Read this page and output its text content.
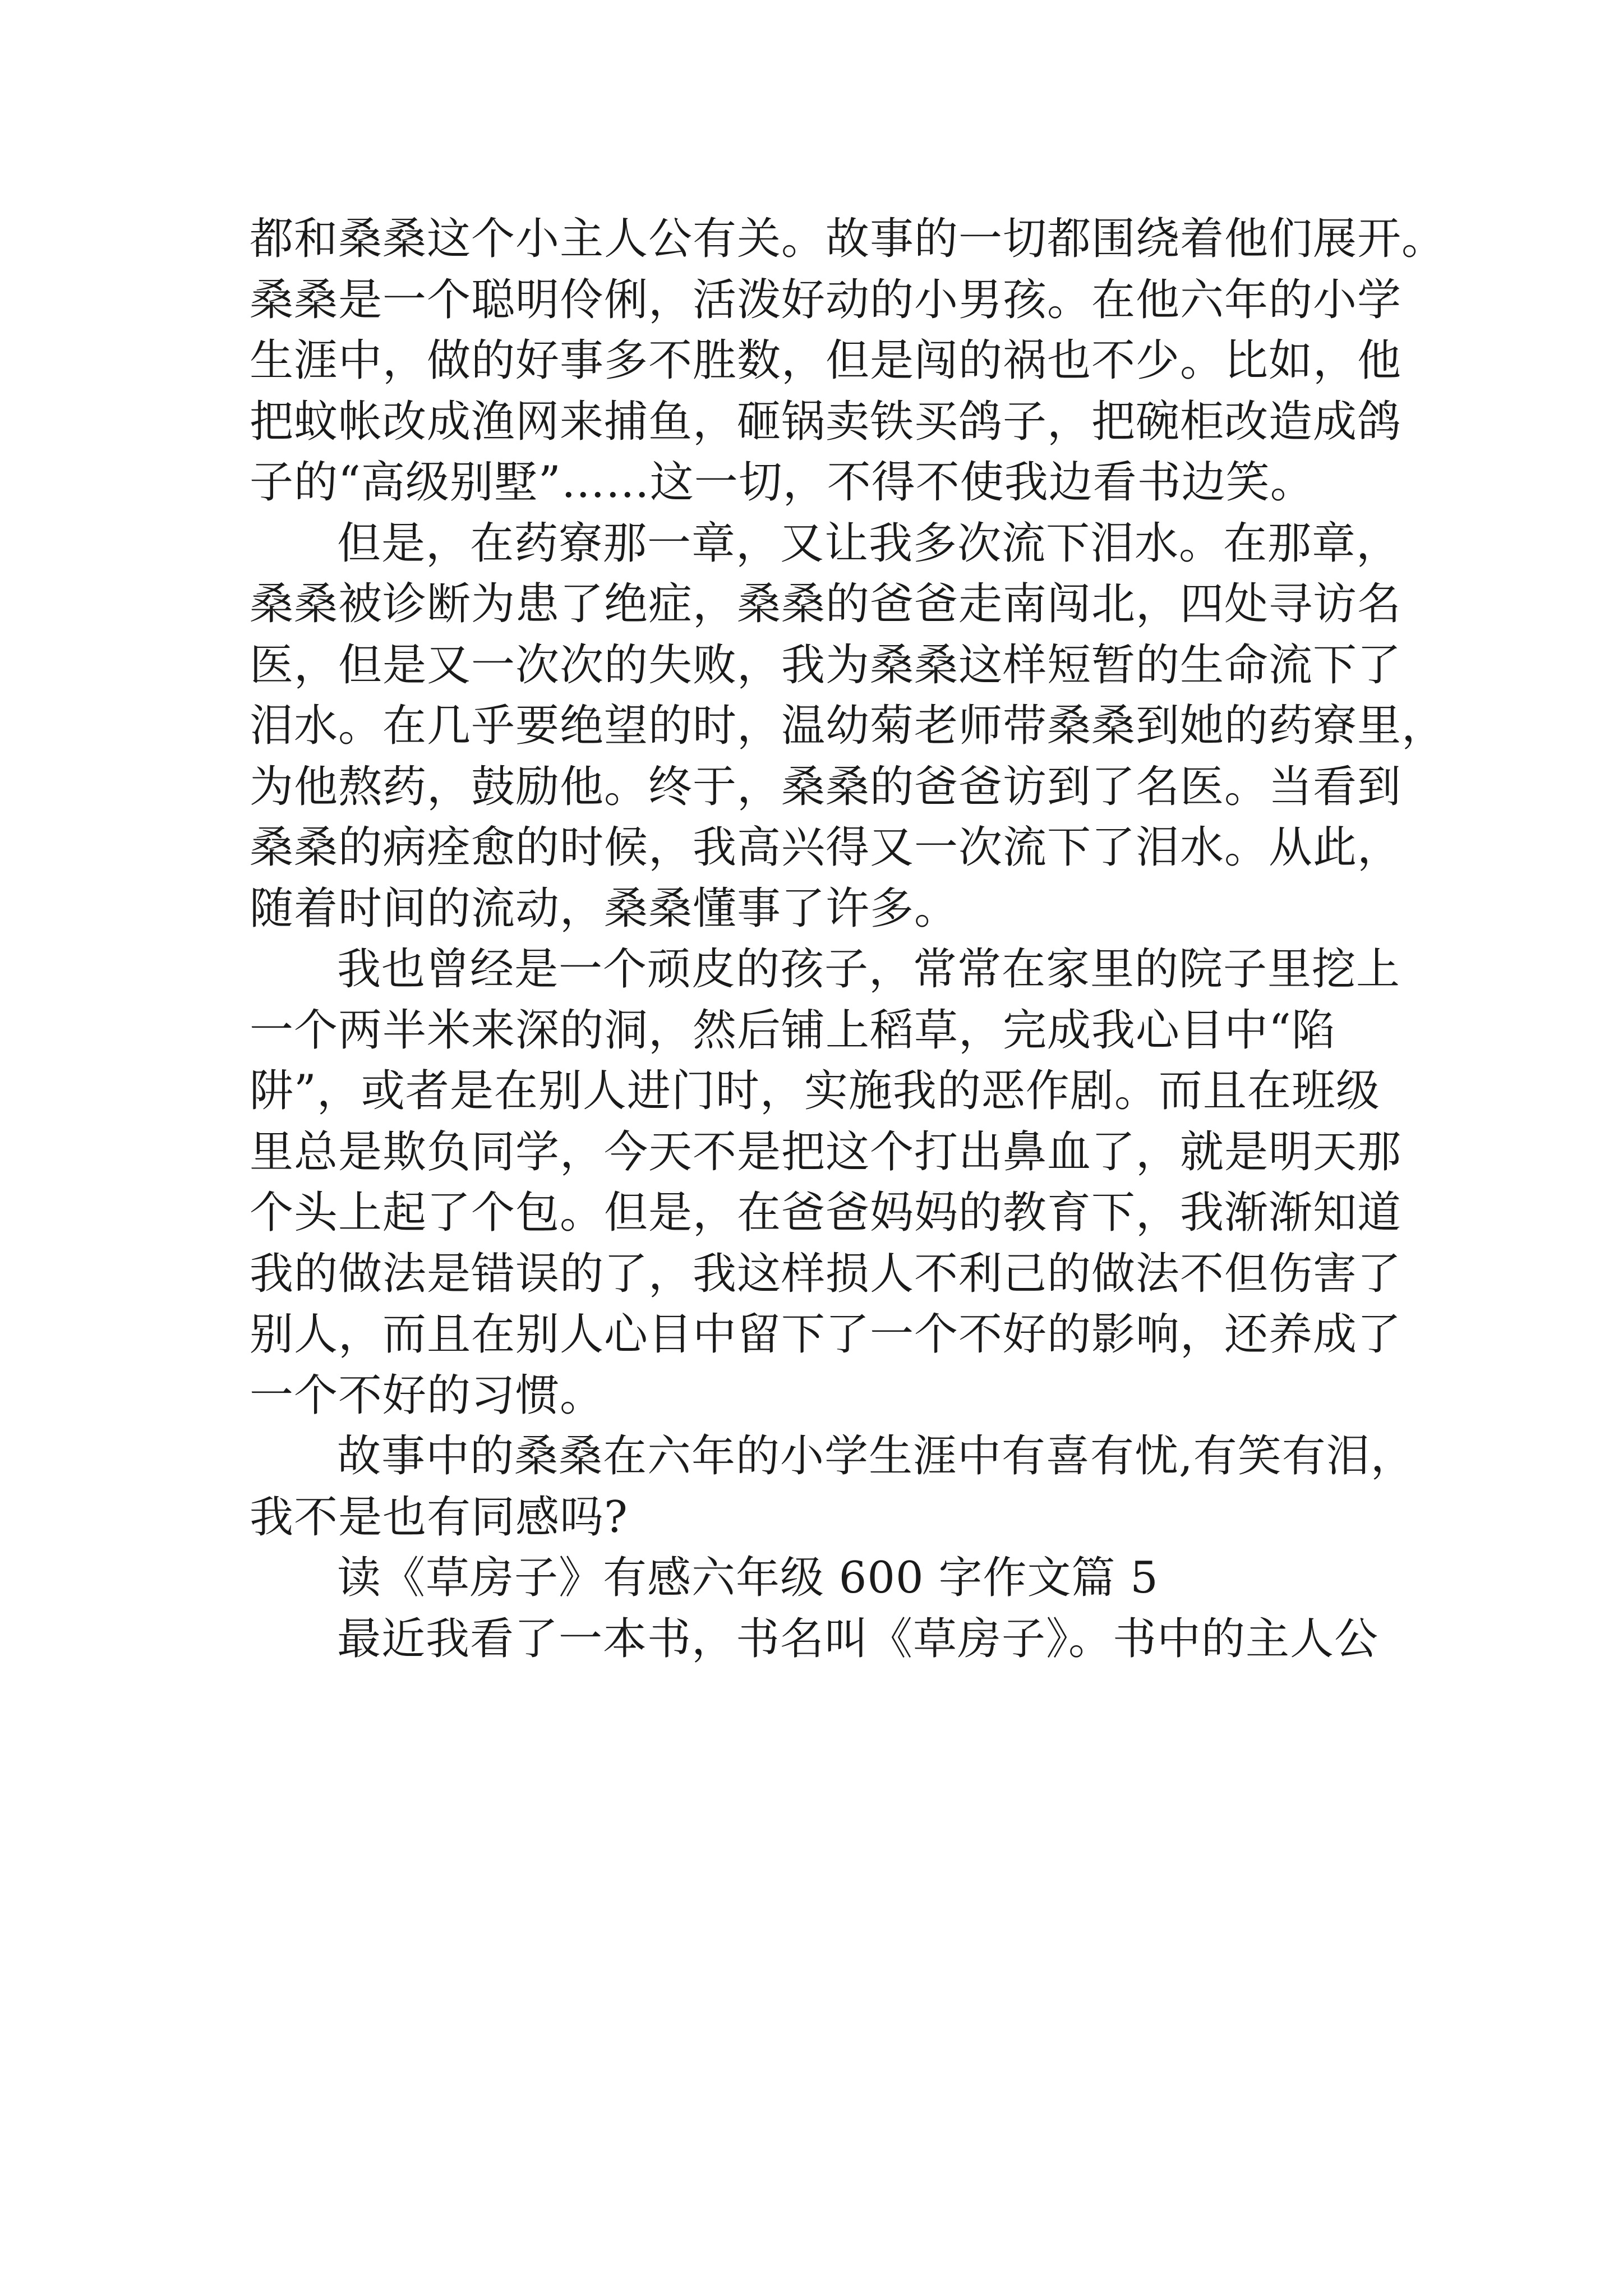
都和桑桑这个小主人公有关。故事的一切都围绕着他们展开。
桑桑是一个聪明伶俐，活泼好动的小男孩。在他六年的小学
生涯中，做的好事多不胜数，但是闯的祸也不少。比如，他
把蚊帐改成渔网来捕鱼，砸锅卖铁买鸽子，把碗柜改造成鸽
子的“高级别墅”……这一切，不得不使我边看书边笑。
但是，在药寮那一章，又让我多次流下泪水。在那章，
桑桑被诊断为患了绝症，桑桑的爸爸走南闯北，四处寻访名
医，但是又一次次的失败，我为桑桑这样短暂的生命流下了
泪水。在几乎要绝望的时，温幼菊老师带桑桑到她的药寮里，
为他熬药，鼓励他。终于，桑桑的爸爸访到了名医。当看到
桑桑的病痊愈的时候，我高兴得又一次流下了泪水。从此，
随着时间的流动，桑桑懂事了许多。
我也曾经是一个顽皮的孩子，常常在家里的院子里挖上
一个两半米来深的洞，然后铺上稻草，完成我心目中“陷
阱”，或者是在别人进门时，实施我的恶作剧。而且在班级
里总是欺负同学，今天不是把这个打出鼻血了，就是明天那
个头上起了个包。但是，在爸爸妈妈的教育下，我渐渐知道
我的做法是错误的了，我这样损人不利己的做法不但伤害了
别人，而且在别人心目中留下了一个不好的影响，还养成了
一个不好的习惯。
故事中的桑桑在六年的小学生涯中有喜有忧,有笑有泪，
我不是也有同感吗?
读《草房子》有感六年级 600 字作文篇 5
最近我看了一本书，书名叫《草房子》。书中的主人公
